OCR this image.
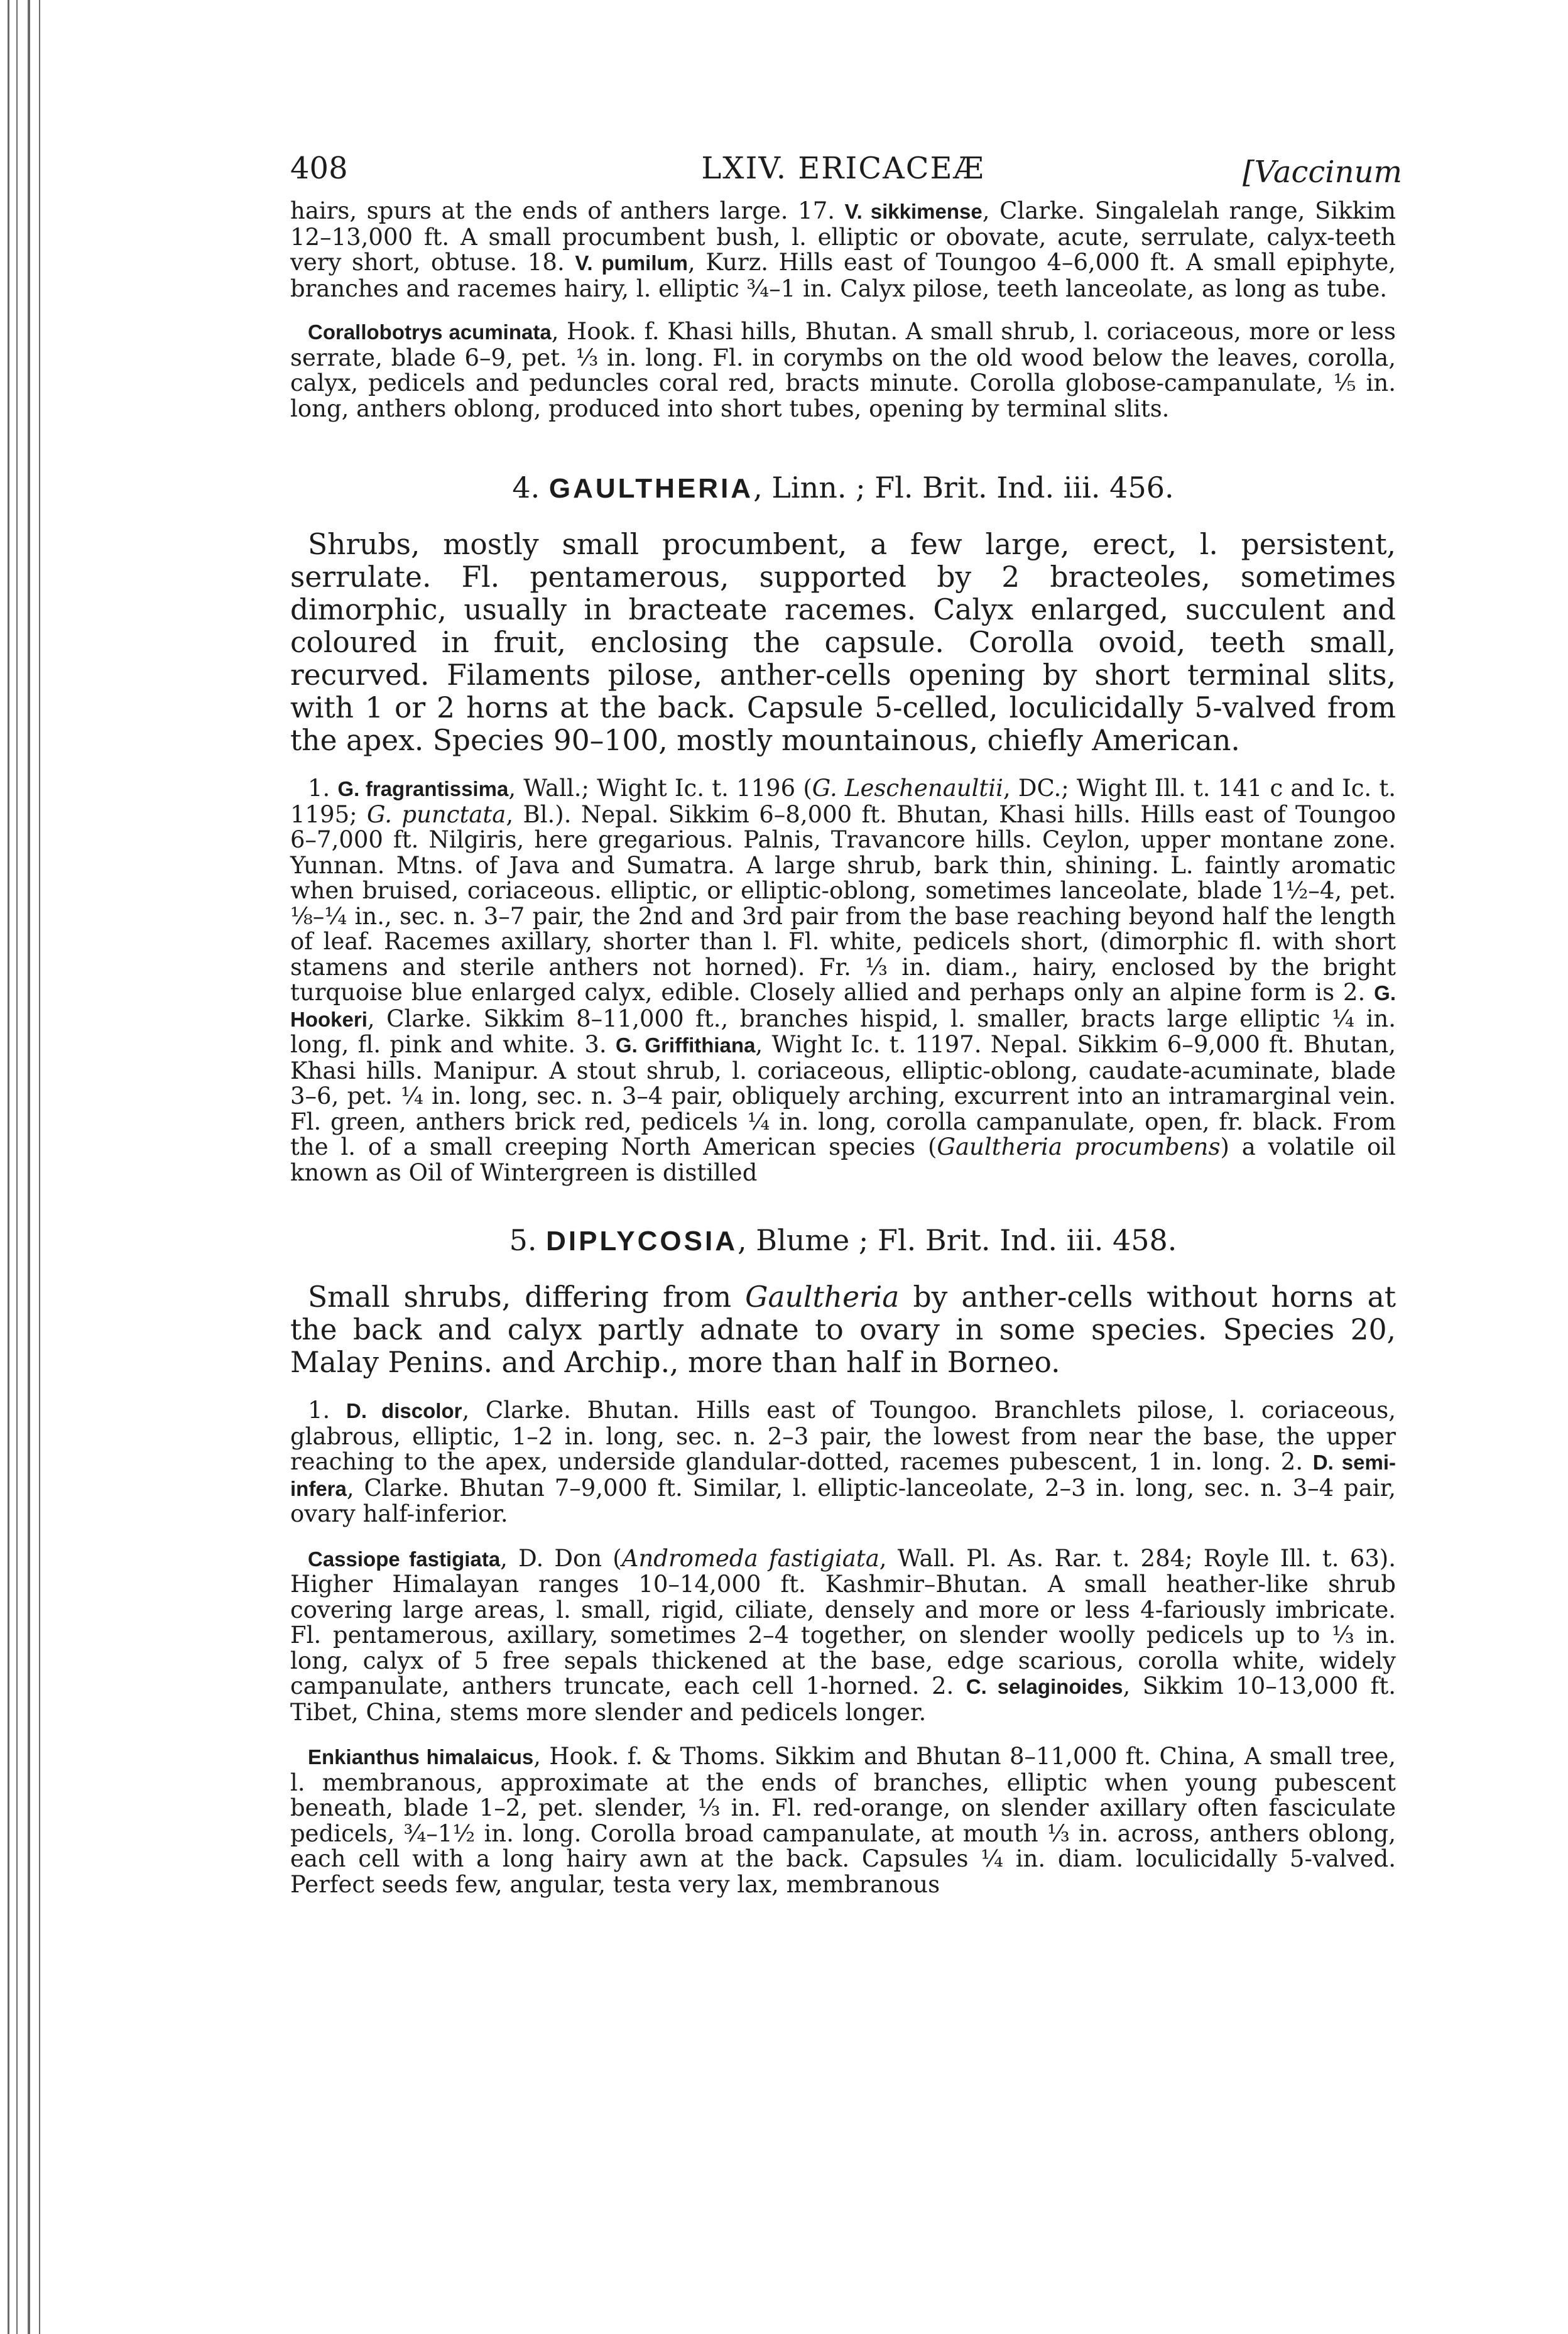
408	LXIV. ERICACEÆ	[Vaccinum

hairs, spurs at the ends of anthers large. 17. V. sikkimense, Clarke. Singalelah range, Sikkim 12–13,000 ft. A small procumbent bush, l. elliptic or obovate, acute, serrulate, calyx-teeth very short, obtuse. 18. V. pumilum, Kurz. Hills east of Toungoo 4–6,000 ft. A small epiphyte, branches and racemes hairy, l. elliptic ¾–1 in. Calyx pilose, teeth lanceolate, as long as tube.

Corallobotrys acuminata, Hook. f. Khasi hills, Bhutan. A small shrub, l. coriaceous, more or less serrate, blade 6–9, pet. ⅓ in. long. Fl. in corymbs on the old wood below the leaves, corolla, calyx, pedicels and peduncles coral red, bracts minute. Corolla globose-campanulate, ⅕ in. long, anthers oblong, produced into short tubes, opening by terminal slits.

4. GAULTHERIA, Linn. ; Fl. Brit. Ind. iii. 456.

Shrubs, mostly small procumbent, a few large, erect, l. persistent, serrulate. Fl. pentamerous, supported by 2 bracteoles, sometimes dimorphic, usually in bracteate racemes. Calyx enlarged, succulent and coloured in fruit, enclosing the capsule. Corolla ovoid, teeth small, recurved. Filaments pilose, anther-cells opening by short terminal slits, with 1 or 2 horns at the back. Capsule 5-celled, loculicidally 5-valved from the apex. Species 90–100, mostly mountainous, chiefly American.

1. G. fragrantissima, Wall.; Wight Ic. t. 1196 (G. Leschenaultii, DC.; Wight Ill. t. 141 c and Ic. t. 1195; G. punctata, Bl.). Nepal. Sikkim 6–8,000 ft. Bhutan, Khasi hills. Hills east of Toungoo 6–7,000 ft. Nilgiris, here gregarious. Palnis, Travancore hills. Ceylon, upper montane zone. Yunnan. Mtns. of Java and Sumatra. A large shrub, bark thin, shining. L. faintly aromatic when bruised, coriaceous. elliptic, or elliptic-oblong, sometimes lanceolate, blade 1½–4, pet. ⅛–¼ in., sec. n. 3–7 pair, the 2nd and 3rd pair from the base reaching beyond half the length of leaf. Racemes axillary, shorter than l. Fl. white, pedicels short, (dimorphic fl. with short stamens and sterile anthers not horned). Fr. ⅓ in. diam., hairy, enclosed by the bright turquoise blue enlarged calyx, edible. Closely allied and perhaps only an alpine form is 2. G. Hookeri, Clarke. Sikkim 8–11,000 ft., branches hispid, l. smaller, bracts large elliptic ¼ in. long, fl. pink and white. 3. G. Griffithiana, Wight Ic. t. 1197. Nepal. Sikkim 6–9,000 ft. Bhutan, Khasi hills. Manipur. A stout shrub, l. coriaceous, elliptic-oblong, caudate-acuminate, blade 3–6, pet. ¼ in. long, sec. n. 3–4 pair, obliquely arching, excurrent into an intramarginal vein. Fl. green, anthers brick red, pedicels ¼ in. long, corolla campanulate, open, fr. black. From the l. of a small creeping North American species (Gaultheria procumbens) a volatile oil known as Oil of Wintergreen is distilled

5. DIPLYCOSIA, Blume ; Fl. Brit. Ind. iii. 458.

Small shrubs, differing from Gaultheria by anther-cells without horns at the back and calyx partly adnate to ovary in some species. Species 20, Malay Penins. and Archip., more than half in Borneo.

1. D. discolor, Clarke. Bhutan. Hills east of Toungoo. Branchlets pilose, l. coriaceous, glabrous, elliptic, 1–2 in. long, sec. n. 2–3 pair, the lowest from near the base, the upper reaching to the apex, underside glandular-dotted, racemes pubescent, 1 in. long. 2. D. semi-infera, Clarke. Bhutan 7–9,000 ft. Similar, l. elliptic-lanceolate, 2–3 in. long, sec. n. 3–4 pair, ovary half-inferior.

Cassiope fastigiata, D. Don (Andromeda fastigiata, Wall. Pl. As. Rar. t. 284; Royle Ill. t. 63). Higher Himalayan ranges 10–14,000 ft. Kashmir–Bhutan. A small heather-like shrub covering large areas, l. small, rigid, ciliate, densely and more or less 4-fariously imbricate. Fl. pentamerous, axillary, sometimes 2–4 together, on slender woolly pedicels up to ⅓ in. long, calyx of 5 free sepals thickened at the base, edge scarious, corolla white, widely campanulate, anthers truncate, each cell 1-horned. 2. C. selaginoides, Sikkim 10–13,000 ft. Tibet, China, stems more slender and pedicels longer.

Enkianthus himalaicus, Hook. f. & Thoms. Sikkim and Bhutan 8–11,000 ft. China, A small tree, l. membranous, approximate at the ends of branches, elliptic when young pubescent beneath, blade 1–2, pet. slender, ⅓ in. Fl. red-orange, on slender axillary often fasciculate pedicels, ¾–1½ in. long. Corolla broad campanulate, at mouth ⅓ in. across, anthers oblong, each cell with a long hairy awn at the back. Capsules ¼ in. diam. loculicidally 5-valved. Perfect seeds few, angular, testa very lax, membranous
